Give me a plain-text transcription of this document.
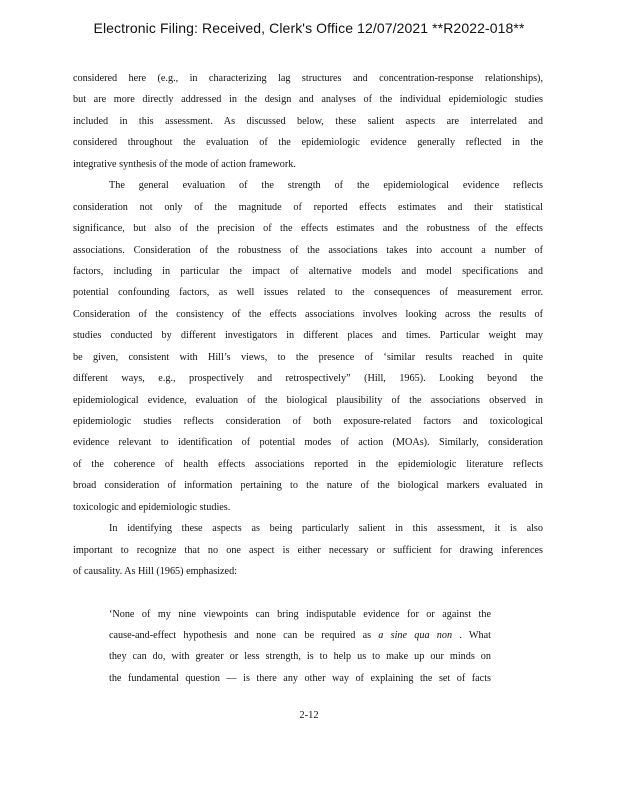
Electronic Filing: Received, Clerk's Office 12/07/2021 **R2022-018**
considered here (e.g., in characterizing lag structures and concentration-response relationships),
but are more directly addressed in the design and analyses of the individual epidemiologic studies
included in this assessment. As discussed below, these salient aspects are interrelated and
considered throughout the evaluation of the epidemiologic evidence generally reflected in the
integrative synthesis of the mode of action framework.
The general evaluation of the strength of the epidemiological evidence reflects
consideration not only of the magnitude of reported effects estimates and their statistical
significance, but also of the precision of the effects estimates and the robustness of the effects
associations. Consideration of the robustness of the associations takes into account a number of
factors, including in particular the impact of alternative models and model specifications and
potential confounding factors, as well issues related to the consequences of measurement error.
Consideration of the consistency of the effects associations involves looking across the results of
studies conducted by different investigators in different places and times. Particular weight may
be given, consistent with Hill’s views, to the presence of ‘similar results reached in quite
different ways, e.g., prospectively and retrospectively” (Hill, 1965). Looking beyond the
epidemiological evidence, evaluation of the biological plausibility of the associations observed in
epidemiologic studies reflects consideration of both exposure-related factors and toxicological
evidence relevant to identification of potential modes of action (MOAs). Similarly, consideration
of the coherence of health effects associations reported in the epidemiologic literature reflects
broad consideration of information pertaining to the nature of the biological markers evaluated in
toxicologic and epidemiologic studies.
In identifying these aspects as being particularly salient in this assessment, it is also
important to recognize that no one aspect is either necessary or sufficient for drawing inferences
of causality. As Hill (1965) emphasized:
‘None of my nine viewpoints can bring indisputable evidence for or against the
cause-and-effect hypothesis and none can be required as a sine qua non . What
they can do, with greater or less strength, is to help us to make up our minds on
the fundamental question — is there any other way of explaining the set of facts
2-12
